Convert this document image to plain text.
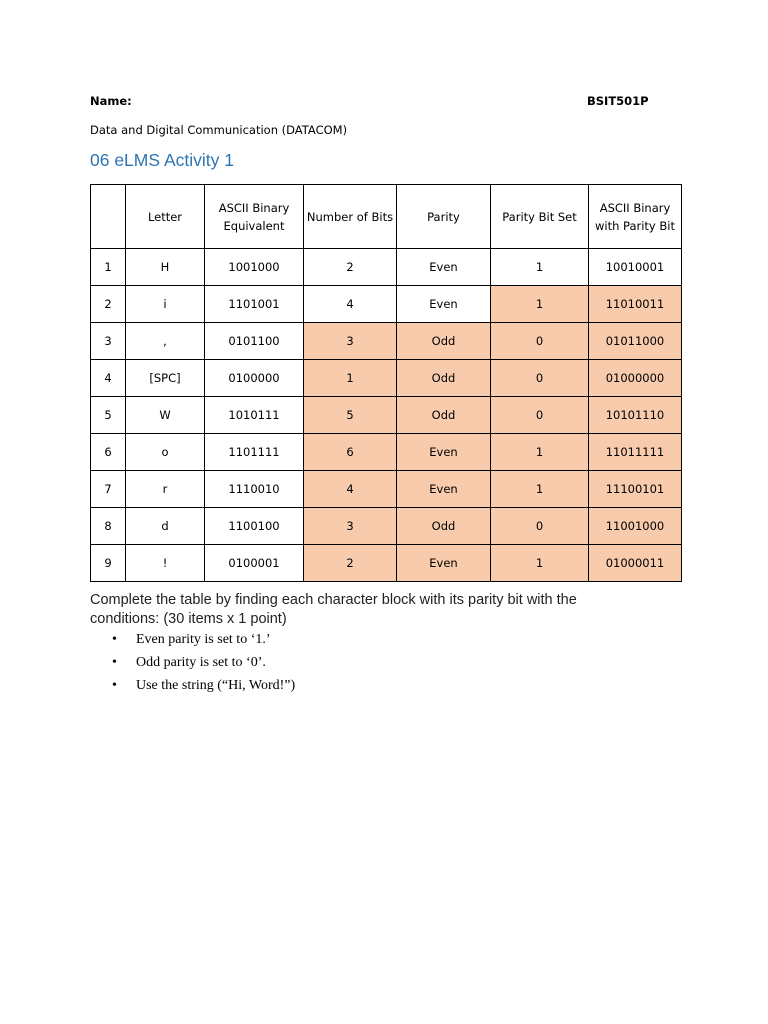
Name:	BSIT501P
Data and Digital Communication (DATACOM)
06 eLMS Activity 1
	Letter	ASCII Binary Equivalent	Number of Bits	Parity	Parity Bit Set	ASCII Binary with Parity Bit
1	H	1001000	2	Even	1	10010001
2	i	1101001	4	Even	1	11010011
3	,	0101100	3	Odd	0	01011000
4	[SPC]	0100000	1	Odd	0	01000000
5	W	1010111	5	Odd	0	10101110
6	o	1101111	6	Even	1	11011111
7	r	1110010	4	Even	1	11100101
8	d	1100100	3	Odd	0	11001000
9	!	0100001	2	Even	1	01000011
Complete the table by finding each character block with its parity bit with the conditions: (30 items x 1 point)
• Even parity is set to ‘1.’
• Odd parity is set to ‘0’.
• Use the string (“Hi, Word!”)
